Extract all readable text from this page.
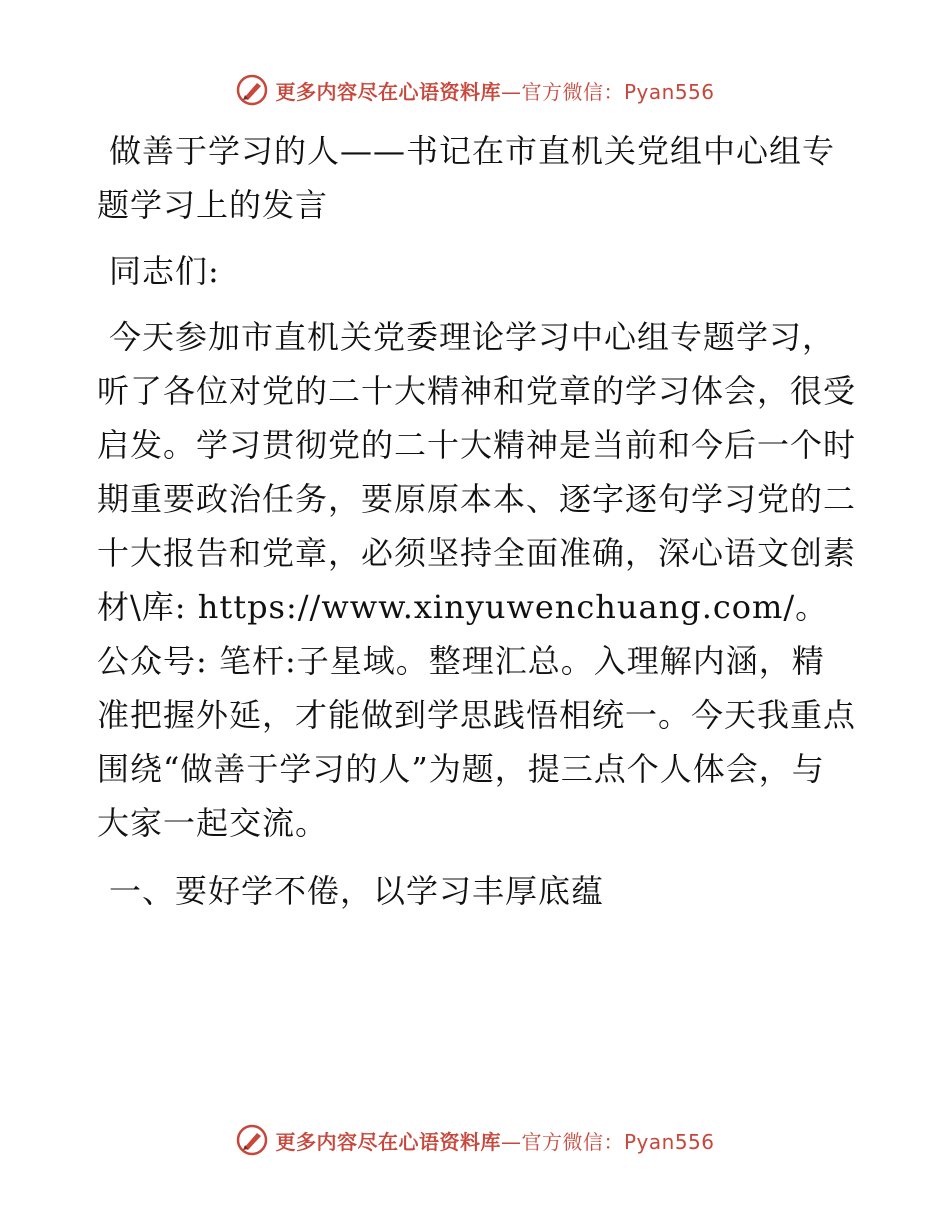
更多内容尽在心语资料库—官方微信：Pyan556

做善于学习的人——书记在市直机关党组中心组专题学习上的发言

同志们:

今天参加市直机关党委理论学习中心组专题学习，听了各位对党的二十大精神和党章的学习体会，很受启发。学习贯彻党的二十大精神是当前和今后一个时期重要政治任务，要原原本本、逐字逐句学习党的二十大报告和党章，必须坚持全面准确，深心语文创素材\库: https://www.xinyuwenchuang.com/。公众号: 笔杆:子星域。整理汇总。入理解内涵，精准把握外延，才能做到学思践悟相统一。今天我重点围绕“做善于学习的人”为题，提三点个人体会，与大家一起交流。

一、要好学不倦，以学习丰厚底蕴

更多内容尽在心语资料库—官方微信：Pyan556
